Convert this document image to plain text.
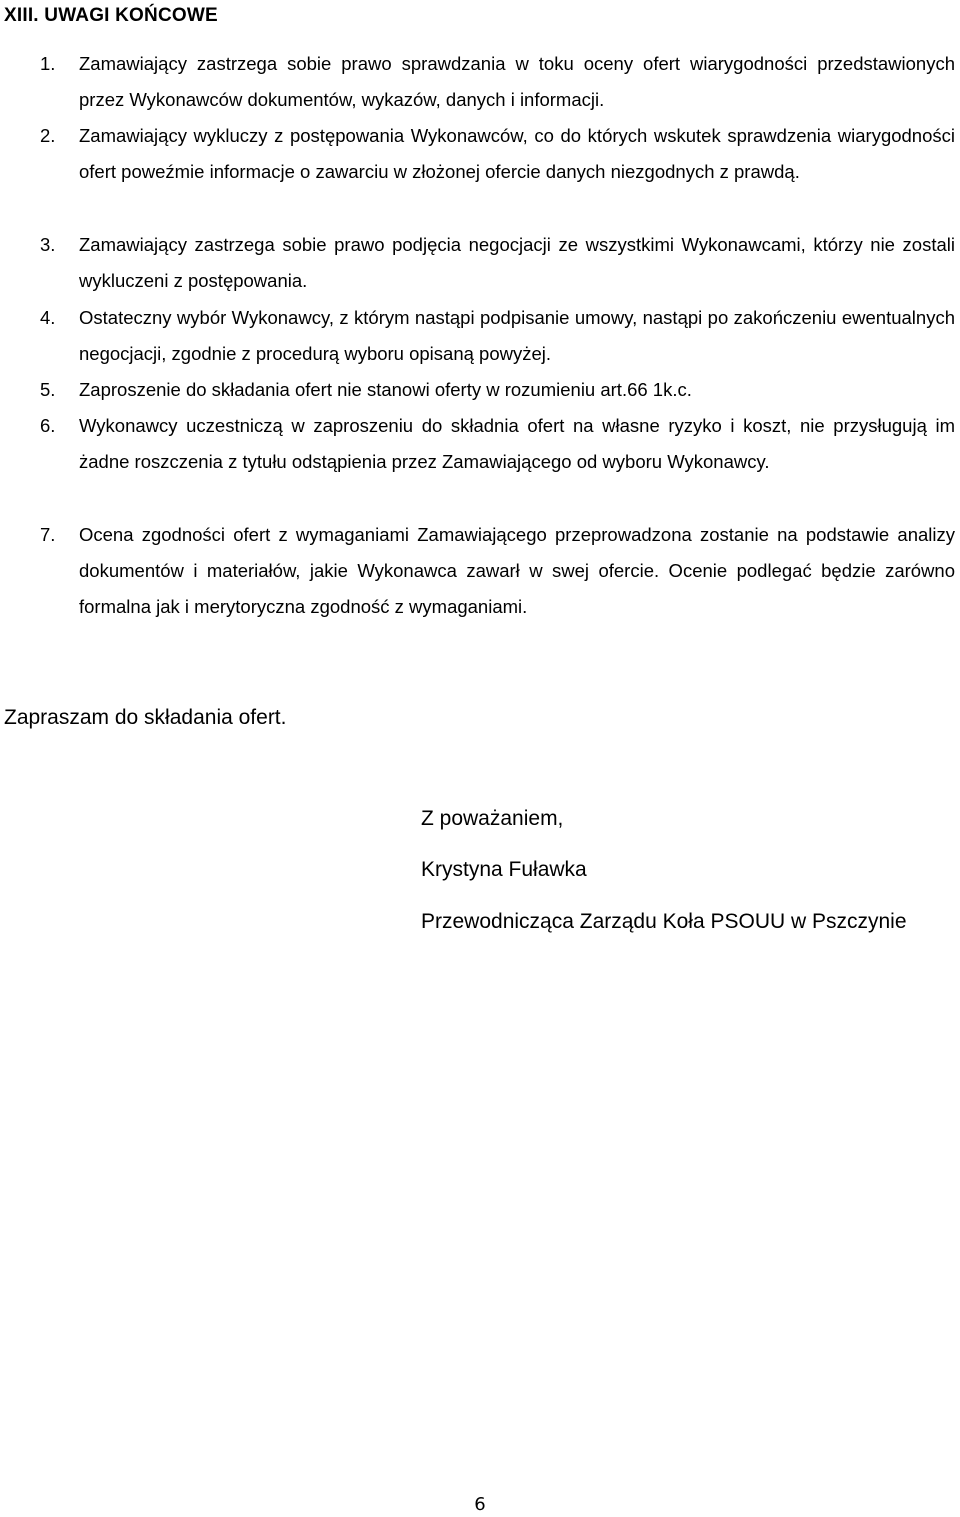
XIII. UWAGI KOŃCOWE
1. Zamawiający zastrzega sobie prawo sprawdzania w toku oceny ofert wiarygodności przedstawionych przez Wykonawców dokumentów, wykazów, danych i informacji.
2. Zamawiający wykluczy z postępowania Wykonawców, co do których wskutek sprawdzenia wiarygodności ofert poweźmie informacje o zawarciu w złożonej ofercie danych niezgodnych z prawdą.
3. Zamawiający zastrzega sobie prawo podjęcia negocjacji ze wszystkimi Wykonawcami, którzy nie zostali wykluczeni z postępowania.
4. Ostateczny wybór Wykonawcy, z którym nastąpi podpisanie umowy, nastąpi po zakończeniu ewentualnych negocjacji, zgodnie z procedurą wyboru opisaną powyżej.
5. Zaproszenie do składania ofert nie stanowi oferty w rozumieniu art.66 1k.c.
6. Wykonawcy uczestniczą w zaproszeniu do składnia ofert na własne ryzyko i koszt, nie przysługują im żadne roszczenia z tytułu odstąpienia przez Zamawiającego od wyboru Wykonawcy.
7. Ocena zgodności ofert z wymaganiami Zamawiającego przeprowadzona zostanie na podstawie analizy dokumentów i materiałów, jakie Wykonawca zawarł w swej ofercie. Ocenie podlegać będzie zarówno formalna jak i merytoryczna zgodność z wymaganiami.
Zapraszam do składania ofert.
Z poważaniem,
Krystyna Fuławka
Przewodnicząca Zarządu Koła PSOUU w Pszczynie
6
